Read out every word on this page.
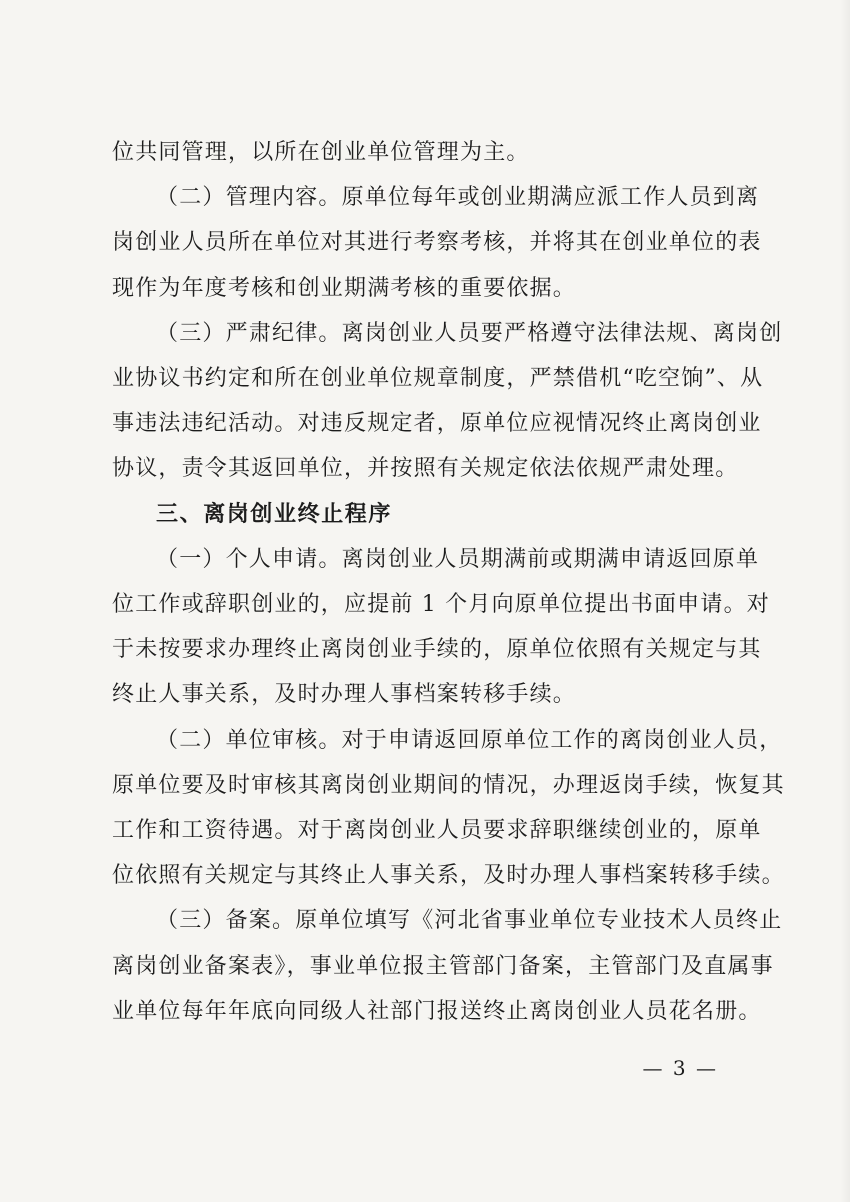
位共同管理，以所在创业单位管理为主。

（二）管理内容。原单位每年或创业期满应派工作人员到离

岗创业人员所在单位对其进行考察考核，并将其在创业单位的表

现作为年度考核和创业期满考核的重要依据。

（三）严肃纪律。离岗创业人员要严格遵守法律法规、离岗创

业协议书约定和所在创业单位规章制度，严禁借机“吃空饷”、从

事违法违纪活动。对违反规定者，原单位应视情况终止离岗创业

协议，责令其返回单位，并按照有关规定依法依规严肃处理。

三、离岗创业终止程序

（一）个人申请。离岗创业人员期满前或期满申请返回原单

位工作或辞职创业的，应提前 1 个月向原单位提出书面申请。对

于未按要求办理终止离岗创业手续的，原单位依照有关规定与其

终止人事关系，及时办理人事档案转移手续。

（二）单位审核。对于申请返回原单位工作的离岗创业人员，

原单位要及时审核其离岗创业期间的情况，办理返岗手续，恢复其

工作和工资待遇。对于离岗创业人员要求辞职继续创业的，原单

位依照有关规定与其终止人事关系，及时办理人事档案转移手续。

（三）备案。原单位填写《河北省事业单位专业技术人员终止

离岗创业备案表》，事业单位报主管部门备案，主管部门及直属事

业单位每年年底向同级人社部门报送终止离岗创业人员花名册。

— 3 —
